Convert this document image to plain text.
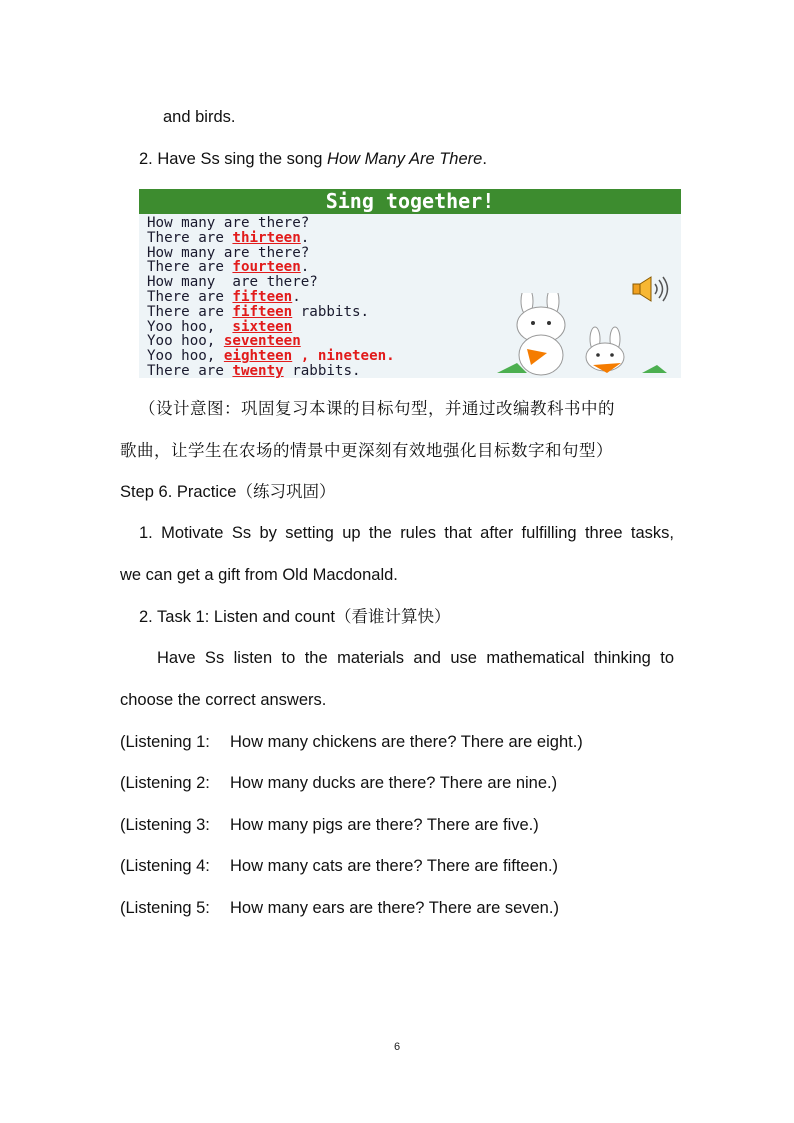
and birds.
2. Have Ss sing the song How Many Are There.
Sing together!
How many are there?
There are thirteen.
How many are there?
There are fourteen.
How many  are there?
There are fifteen.
There are fifteen rabbits.
Yoo hoo,  sixteen
Yoo hoo, seventeen
Yoo hoo, eighteen , nineteen.
There are twenty rabbits.
（设计意图：巩固复习本课的目标句型，并通过改编教科书中的
歌曲，让学生在农场的情景中更深刻有效地强化目标数字和句型）
Step 6. Practice（练习巩固）
1. Motivate Ss by setting up the rules that after fulfilling three tasks,
we can get a gift from Old Macdonald.
2. Task 1: Listen and count（看谁计算快）
Have Ss listen to the materials and use mathematical thinking to
choose the correct answers.
(Listening 1: How many chickens are there? There are eight.)
(Listening 2: How many ducks are there? There are nine.)
(Listening 3: How many pigs are there? There are five.)
(Listening 4: How many cats are there? There are fifteen.)
(Listening 5: How many ears are there? There are seven.)
6
